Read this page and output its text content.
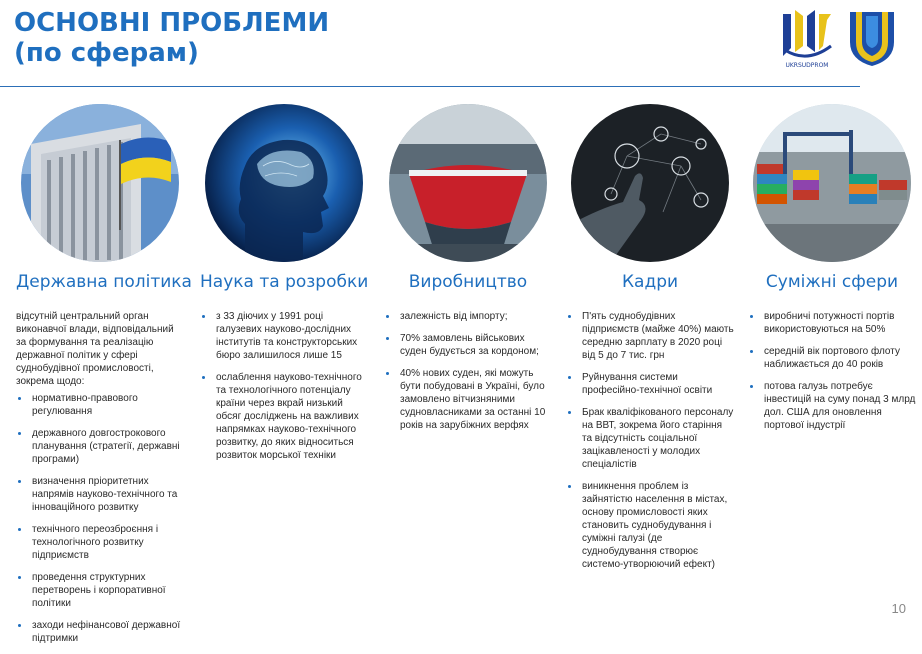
ОСНОВНІ ПРОБЛЕМИ
(по сферам)	UKRSUDPROM
Державна політика
відсутній центральний орган виконавчої влади, відповідальний за формування та реалізацію державної політик у сфері суднобудівної промисловості, зокрема щодо:
нормативно-правового регулювання
державного довгострокового планування (стратегії, державні програми)
визначення пріоритетних напрямів науково-технічного та інноваційного розвитку
технічного переозброєння і технологічного розвитку підприємств
проведення структурних перетворень і корпоративної політики
заходи нефінансової державної підтримки
Наука та розробки
з 33 діючих у 1991 році галузевих науково-дослідних інститутів та конструкторських бюро залишилося лише 15
ослаблення науково-технічного та технологічного потенціалу країни через вкрай низький обсяг досліджень на важливих напрямках науково-технічного розвитку, до яких відноситься розвиток морської техніки
Виробництво
залежність від імпорту;
70% замовлень військових суден будується за кордоном;
40% нових суден, які можуть бути побудовані в Україні, було замовлено вітчизняними судновласниками за останні 10 років на зарубіжних верфях
Кадри
П'ять суднобудівних підприємств (майже 40%) мають середню зарплату в 2020 році від 5 до 7 тис. грн
Руйнування системи професійно-технічної освіти
Брак кваліфікованого персоналу на ВВТ, зокрема його старіння та відсутність соціальної зацікавленості у молодих спеціалістів
виникнення проблем із зайнятістю населення в містах, основу промисловості яких становить суднобудування і суміжні галузі (де суднобудування створює системо-утворюючий ефект)
Суміжні сфери
виробничі потужності портів використовуються на 50%
середній вік портового флоту наближається до 40 років
потова галузь потребує інвестицій на суму понад 3 млрд дол. США для оновлення портової індустрії
10
